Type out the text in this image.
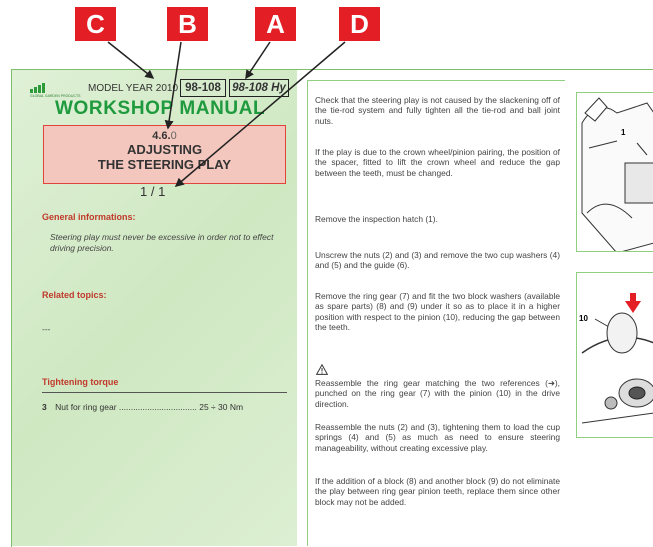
C	B	A	D
GLOBAL GARDEN PRODUCTS
MODEL YEAR 2010 98-108 98-108 Hy
WORKSHOP MANUAL
4.6.0
ADJUSTING
THE STEERING PLAY
1 / 1
General informations:
Steering play must never be excessive in order not to effect driving precision.
Related topics:
---
Tightening torque
3 Nut for ring gear ................................. 25 ÷ 30 Nm
Check that the steering play is not caused by the slackening off of the tie-rod system and fully tighten all the tie-rod and ball joint nuts.
If the play is due to the crown wheel/pinion pairing, the position of the spacer, fitted to lift the crown wheel and reduce the gap between the teeth, must be changed.
Remove the inspection hatch (1).
Unscrew the nuts (2) and (3) and remove the two cup washers (4) and (5) and the guide (6).
Remove the ring gear (7) and fit the two block washers (available as spare parts) (8) and (9) under it so as to place it in a higher position with respect to the pinion (10), reducing the gap between the teeth.
Reassemble the ring gear matching the two references (➜), punched on the ring gear (7) with the pinion (10) in the drive direction.
Reassemble the nuts (2) and (3), tightening them to load the cup springs (4) and (5) as much as need to ensure steering manageability, without creating excessive play.
If the addition of a block (8) and another block (9) do not eliminate the play between ring gear pinion teeth, replace them since other block may not be added.
1
10
